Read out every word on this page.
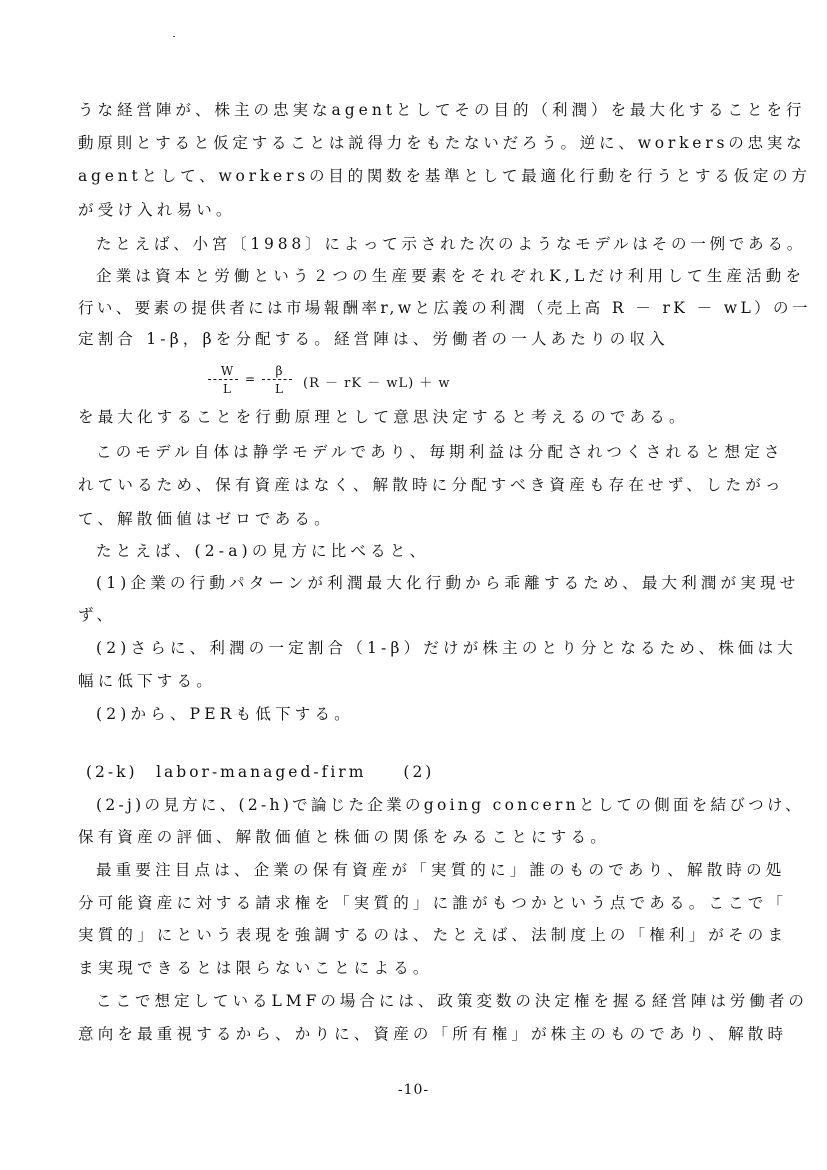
うな経営陣が、株主の忠実なagentとしてその目的（利潤）を最大化することを行
動原則とすると仮定することは説得力をもたないだろう。逆に、workersの忠実な
agentとして、workersの目的関数を基準として最適化行動を行うとする仮定の方
が受け入れ易い。
たとえば、小宮〔1988〕によって示された次のようなモデルはその一例である。
企業は資本と労働という２つの生産要素をそれぞれK,Lだけ利用して生産活動を
行い、要素の提供者には市場報酬率r,wと広義の利潤（売上高 R － rK － wL）の一
定割合 1-β，βを分配する。経営陣は、労働者の一人あたりの収入
W
L
=
β
L	(R － rK － wL) ＋ w
を最大化することを行動原理として意思決定すると考えるのである。
このモデル自体は静学モデルであり、毎期利益は分配されつくされると想定さ
れているため、保有資産はなく、解散時に分配すべき資産も存在せず、したがっ
て、解散価値はゼロである。
たとえば、(2-a)の見方に比べると、
(1)企業の行動パターンが利潤最大化行動から乖離するため、最大利潤が実現せ
ず、
(2)さらに、利潤の一定割合（1-β）だけが株主のとり分となるため、株価は大
幅に低下する。
(2)から、PERも低下する。
(2-k)　labor-managed-firm　　(2)
(2-j)の見方に、(2-h)で論じた企業のgoing concernとしての側面を結びつけ、
保有資産の評価、解散価値と株価の関係をみることにする。
最重要注目点は、企業の保有資産が「実質的に」誰のものであり、解散時の処
分可能資産に対する請求権を「実質的」に誰がもつかという点である。ここで「
実質的」にという表現を強調するのは、たとえば、法制度上の「権利」がそのま
ま実現できるとは限らないことによる。
ここで想定しているLMFの場合には、政策変数の決定権を握る経営陣は労働者の
意向を最重視するから、かりに、資産の「所有権」が株主のものであり、解散時
-10-
